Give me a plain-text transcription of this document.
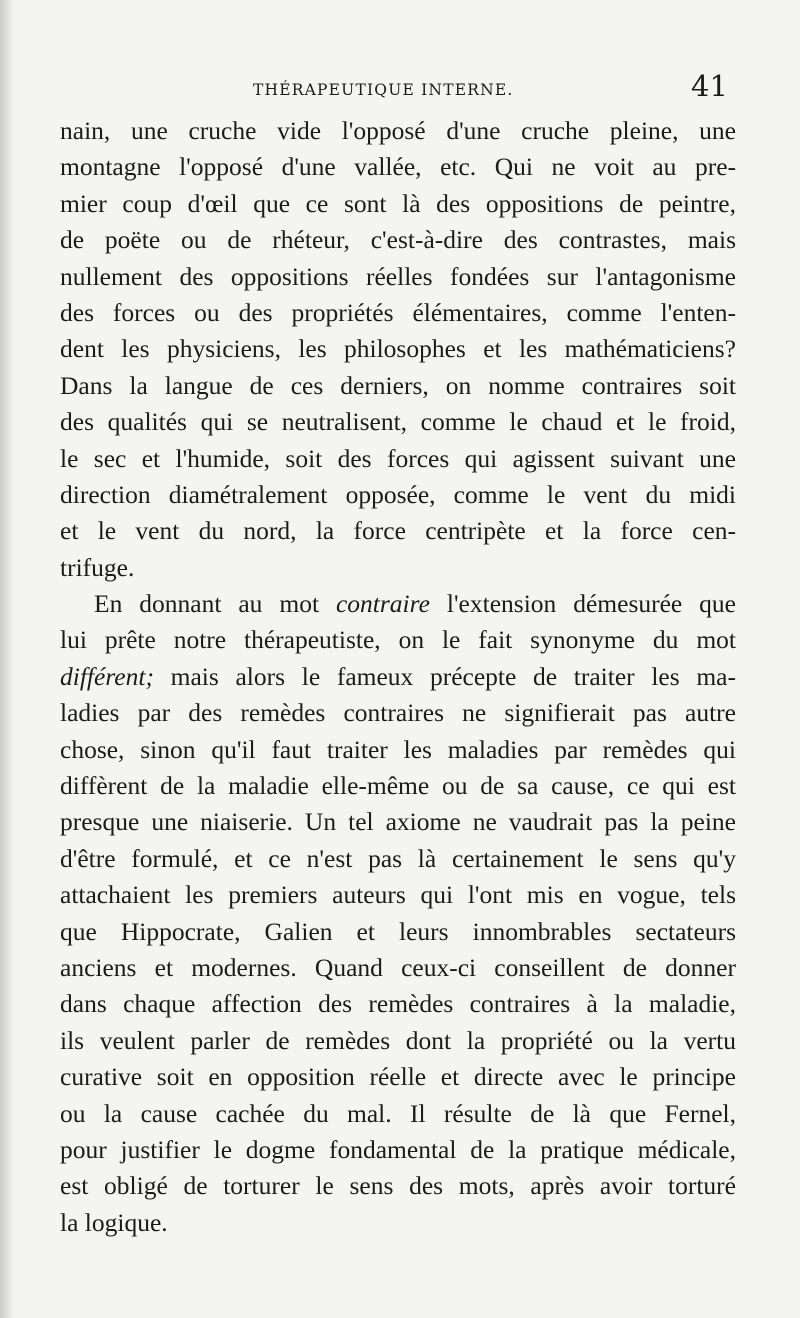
THÉRAPEUTIQUE INTERNE.	41
nain, une cruche vide l'opposé d'une cruche pleine, une
montagne l'opposé d'une vallée, etc. Qui ne voit au pre-
mier coup d'œil que ce sont là des oppositions de peintre,
de poëte ou de rhéteur, c'est-à-dire des contrastes, mais
nullement des oppositions réelles fondées sur l'antagonisme
des forces ou des propriétés élémentaires, comme l'enten-
dent les physiciens, les philosophes et les mathématiciens?
Dans la langue de ces derniers, on nomme contraires soit
des qualités qui se neutralisent, comme le chaud et le froid,
le sec et l'humide, soit des forces qui agissent suivant une
direction diamétralement opposée, comme le vent du midi
et le vent du nord, la force centripète et la force cen-
trifuge.
En donnant au mot contraire l'extension démesurée que
lui prête notre thérapeutiste, on le fait synonyme du mot
différent; mais alors le fameux précepte de traiter les ma-
ladies par des remèdes contraires ne signifierait pas autre
chose, sinon qu'il faut traiter les maladies par remèdes qui
diffèrent de la maladie elle-même ou de sa cause, ce qui est
presque une niaiserie. Un tel axiome ne vaudrait pas la peine
d'être formulé, et ce n'est pas là certainement le sens qu'y
attachaient les premiers auteurs qui l'ont mis en vogue, tels
que Hippocrate, Galien et leurs innombrables sectateurs
anciens et modernes. Quand ceux-ci conseillent de donner
dans chaque affection des remèdes contraires à la maladie,
ils veulent parler de remèdes dont la propriété ou la vertu
curative soit en opposition réelle et directe avec le principe
ou la cause cachée du mal. Il résulte de là que Fernel,
pour justifier le dogme fondamental de la pratique médicale,
est obligé de torturer le sens des mots, après avoir torturé
la logique.
